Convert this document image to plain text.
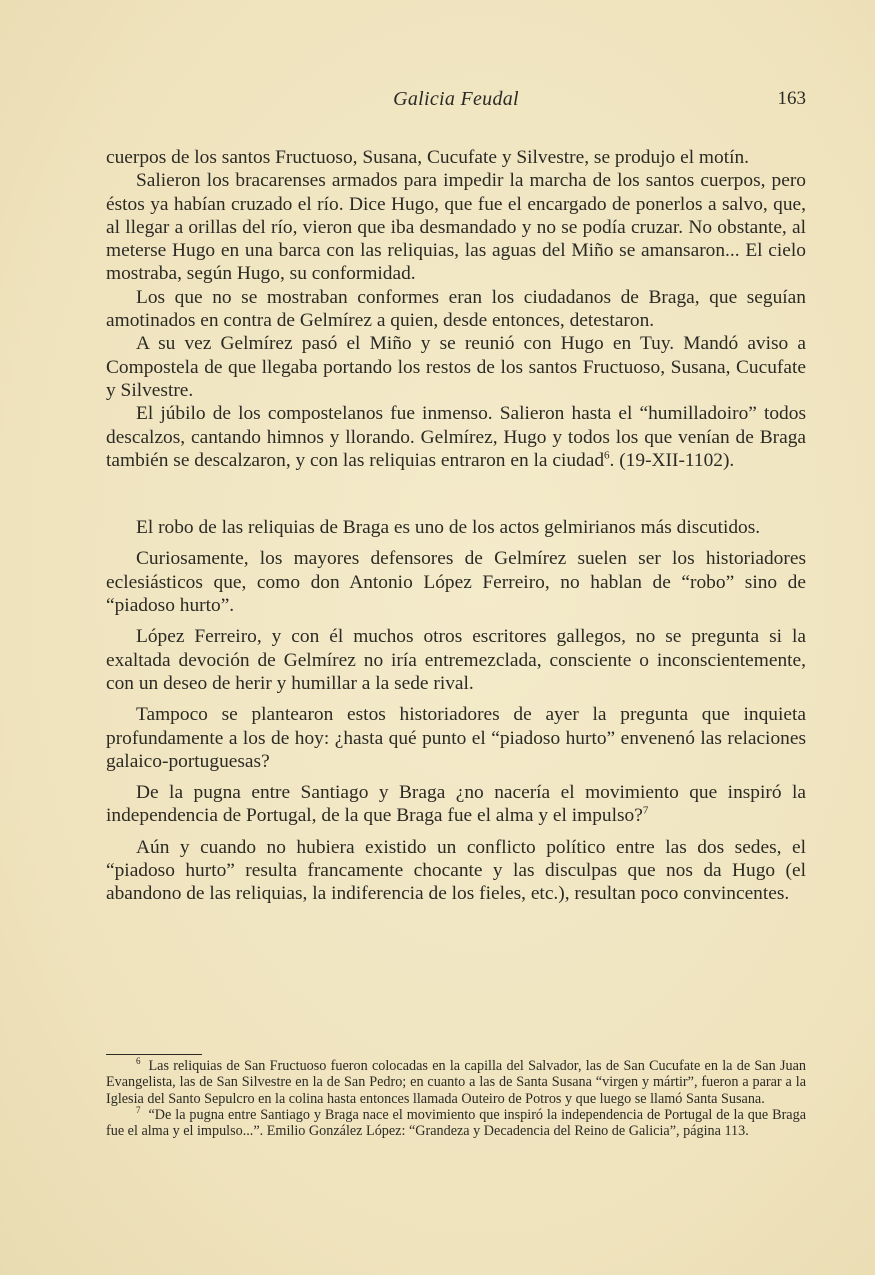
Galicia Feudal	163

cuerpos de los santos Fructuoso, Susana, Cucufate y Silvestre, se produjo el motín.

Salieron los bracarenses armados para impedir la marcha de los santos cuerpos, pero éstos ya habían cruzado el río. Dice Hugo, que fue el encargado de ponerlos a salvo, que, al llegar a orillas del río, vieron que iba desmandado y no se podía cruzar. No obstante, al meterse Hugo en una barca con las reliquias, las aguas del Miño se amansaron... El cielo mostraba, según Hugo, su conformidad.

Los que no se mostraban conformes eran los ciudadanos de Braga, que seguían amotinados en contra de Gelmírez a quien, desde entonces, detestaron.

A su vez Gelmírez pasó el Miño y se reunió con Hugo en Tuy. Mandó aviso a Compostela de que llegaba portando los restos de los santos Fructuoso, Susana, Cucufate y Silvestre.

El júbilo de los compostelanos fue inmenso. Salieron hasta el “humilladoiro” todos descalzos, cantando himnos y llorando. Gelmírez, Hugo y todos los que venían de Braga también se descalzaron, y con las reliquias entraron en la ciudad$^6$. (19-XII-1102).

El robo de las reliquias de Braga es uno de los actos gelmirianos más discutidos.

Curiosamente, los mayores defensores de Gelmírez suelen ser los historiadores eclesiásticos que, como don Antonio López Ferreiro, no hablan de “robo” sino de “piadoso hurto”.

López Ferreiro, y con él muchos otros escritores gallegos, no se pregunta si la exaltada devoción de Gelmírez no iría entremezclada, consciente o inconscientemente, con un deseo de herir y humillar a la sede rival.

Tampoco se plantearon estos historiadores de ayer la pregunta que inquieta profundamente a los de hoy: ¿hasta qué punto el “piadoso hurto” envenenó las relaciones galaico-portuguesas?

De la pugna entre Santiago y Braga ¿no nacería el movimiento que inspiró la independencia de Portugal, de la que Braga fue el alma y el impulso?$^7$

Aún y cuando no hubiera existido un conflicto político entre las dos sedes, el “piadoso hurto” resulta francamente chocante y las disculpas que nos da Hugo (el abandono de las reliquias, la indiferencia de los fieles, etc.), resultan poco convincentes.

$^6$ Las reliquias de San Fructuoso fueron colocadas en la capilla del Salvador, las de San Cucufate en la de San Juan Evangelista, las de San Silvestre en la de San Pedro; en cuanto a las de Santa Susana “virgen y mártir”, fueron a parar a la Iglesia del Santo Sepulcro en la colina hasta entonces llamada Outeiro de Potros y que luego se llamó Santa Susana.

$^7$ “De la pugna entre Santiago y Braga nace el movimiento que inspiró la independencia de Portugal de la que Braga fue el alma y el impulso...”. Emilio González López: “Grandeza y Decadencia del Reino de Galicia”, página 113.
